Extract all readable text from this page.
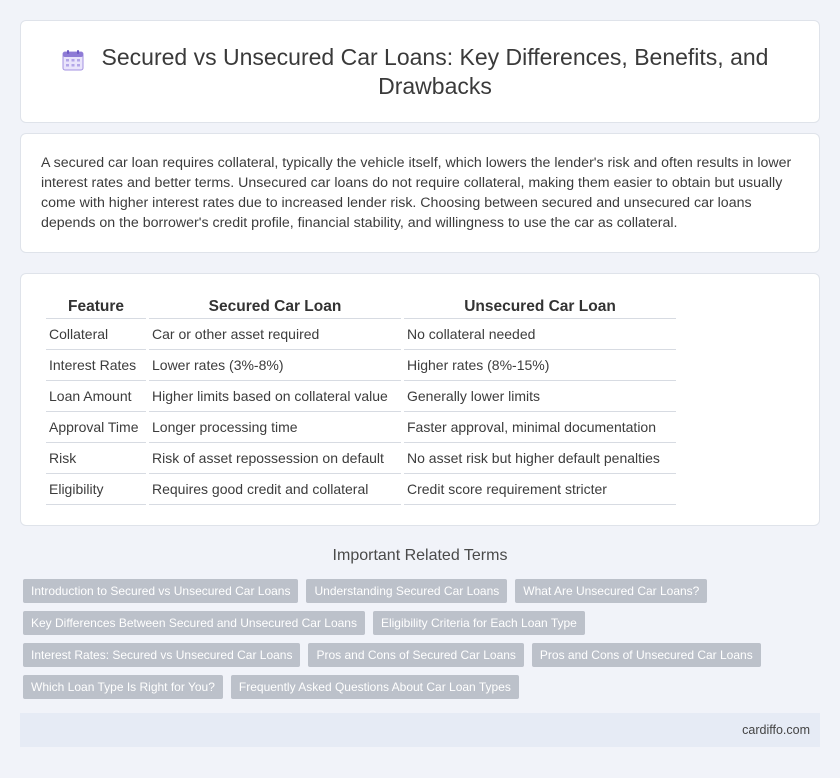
Secured vs Unsecured Car Loans: Key Differences, Benefits, and Drawbacks

A secured car loan requires collateral, typically the vehicle itself, which lowers the lender's risk and often results in lower interest rates and better terms. Unsecured car loans do not require collateral, making them easier to obtain but usually come with higher interest rates due to increased lender risk. Choosing between secured and unsecured car loans depends on the borrower's credit profile, financial stability, and willingness to use the car as collateral.

Feature	Secured Car Loan	Unsecured Car Loan
Collateral	Car or other asset required	No collateral needed
Interest Rates	Lower rates (3%-8%)	Higher rates (8%-15%)
Loan Amount	Higher limits based on collateral value	Generally lower limits
Approval Time	Longer processing time	Faster approval, minimal documentation
Risk	Risk of asset repossession on default	No asset risk but higher default penalties
Eligibility	Requires good credit and collateral	Credit score requirement stricter
Important Related Terms
Introduction to Secured vs Unsecured Car Loans	Understanding Secured Car Loans	What Are Unsecured Car Loans?
Key Differences Between Secured and Unsecured Car Loans	Eligibility Criteria for Each Loan Type
Interest Rates: Secured vs Unsecured Car Loans	Pros and Cons of Secured Car Loans	Pros and Cons of Unsecured Car Loans
Which Loan Type Is Right for You?	Frequently Asked Questions About Car Loan Types
cardiffo.com
